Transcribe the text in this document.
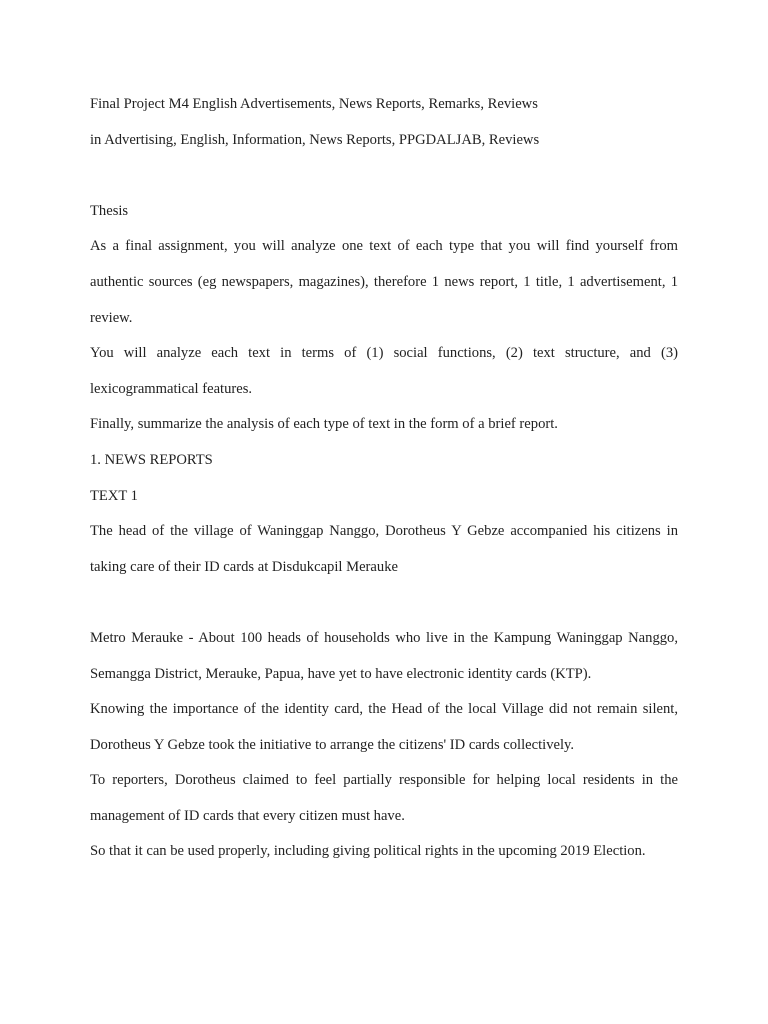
Final Project M4 English Advertisements, News Reports, Remarks, Reviews

in Advertising, English, Information, News Reports, PPGDALJAB, Reviews

Thesis

As a final assignment, you will analyze one text of each type that you will find yourself from

authentic sources (eg newspapers, magazines), therefore 1 news report, 1 title, 1 advertisement, 1

review.

You will analyze each text in terms of (1) social functions, (2) text structure, and (3)

lexicogrammatical features.

Finally, summarize the analysis of each type of text in the form of a brief report.

1. NEWS REPORTS

TEXT 1

The head of the village of Waninggap Nanggo, Dorotheus Y Gebze accompanied his citizens in

taking care of their ID cards at Disdukcapil Merauke

Metro Merauke - About 100 heads of households who live in the Kampung Waninggap Nanggo,

Semangga District, Merauke, Papua, have yet to have electronic identity cards (KTP).

Knowing the importance of the identity card, the Head of the local Village did not remain silent,

Dorotheus Y Gebze took the initiative to arrange the citizens' ID cards collectively.

To reporters, Dorotheus claimed to feel partially responsible for helping local residents in the

management of ID cards that every citizen must have.

So that it can be used properly, including giving political rights in the upcoming 2019 Election.
